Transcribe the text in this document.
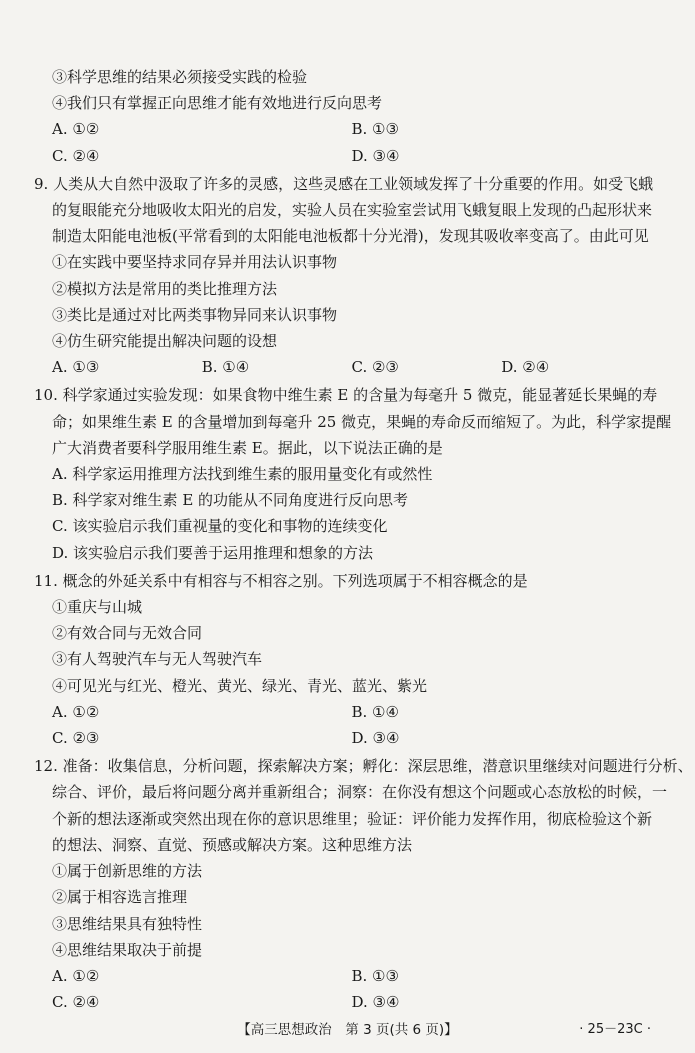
③科学思维的结果必须接受实践的检验
④我们只有掌握正向思维才能有效地进行反向思考
A. ①②	B. ①③
C. ②④	D. ③④
9. 人类从大自然中汲取了许多的灵感，这些灵感在工业领域发挥了十分重要的作用。如受飞蛾
的复眼能充分地吸收太阳光的启发，实验人员在实验室尝试用飞蛾复眼上发现的凸起形状来
制造太阳能电池板(平常看到的太阳能电池板都十分光滑)，发现其吸收率变高了。由此可见
①在实践中要坚持求同存异并用法认识事物
②模拟方法是常用的类比推理方法
③类比是通过对比两类事物异同来认识事物
④仿生研究能提出解决问题的设想
A. ①③	B. ①④	C. ②③	D. ②④
10. 科学家通过实验发现：如果食物中维生素 E 的含量为每毫升 5 微克，能显著延长果蝇的寿
命；如果维生素 E 的含量增加到每毫升 25 微克，果蝇的寿命反而缩短了。为此，科学家提醒
广大消费者要科学服用维生素 E。据此，以下说法正确的是
A. 科学家运用推理方法找到维生素的服用量变化有或然性
B. 科学家对维生素 E 的功能从不同角度进行反向思考
C. 该实验启示我们重视量的变化和事物的连续变化
D. 该实验启示我们要善于运用推理和想象的方法
11. 概念的外延关系中有相容与不相容之别。下列选项属于不相容概念的是
①重庆与山城
②有效合同与无效合同
③有人驾驶汽车与无人驾驶汽车
④可见光与红光、橙光、黄光、绿光、青光、蓝光、紫光
A. ①②	B. ①④
C. ②③	D. ③④
12. 准备：收集信息，分析问题，探索解决方案；孵化：深层思维，潜意识里继续对问题进行分析、
综合、评价，最后将问题分离并重新组合；洞察：在你没有想这个问题或心态放松的时候，一
个新的想法逐渐或突然出现在你的意识思维里；验证：评价能力发挥作用，彻底检验这个新
的想法、洞察、直觉、预感或解决方案。这种思维方法
①属于创新思维的方法
②属于相容选言推理
③思维结果具有独特性
④思维结果取决于前提
A. ①②	B. ①③
C. ②④	D. ③④
【高三思想政治　第 3 页(共 6 页)】	· 25－23C ·
